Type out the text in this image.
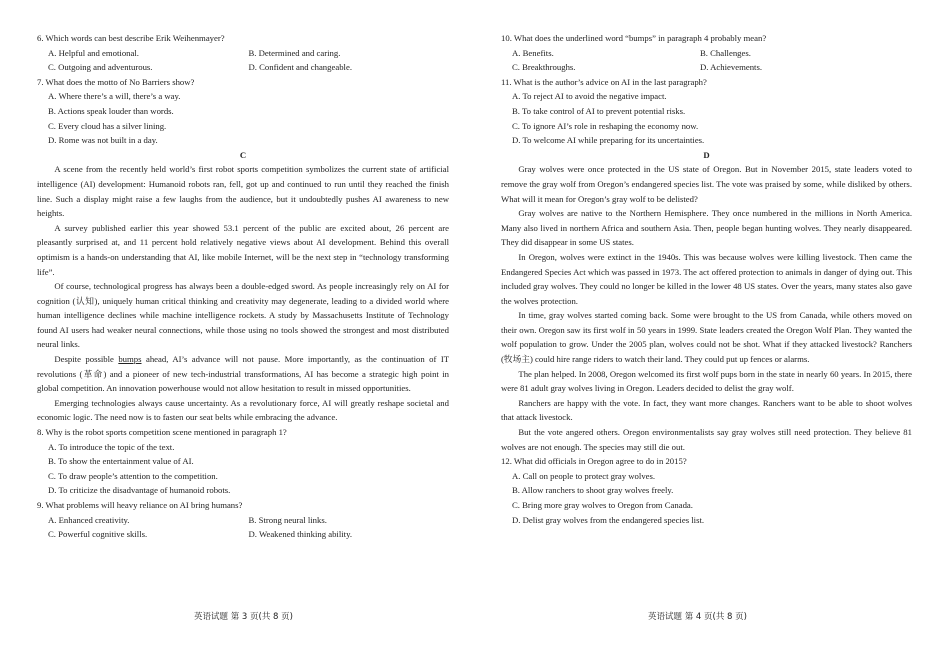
6. Which words can best describe Erik Weihenmayer?

A. Helpful and emotional.	B. Determined and caring.
C. Outgoing and adventurous.	D. Confident and changeable.

7. What does the motto of No Barriers show?

A. Where there’s a will, there’s a way.

B. Actions speak louder than words.

C. Every cloud has a silver lining.

D. Rome was not built in a day.

C

A scene from the recently held world’s first robot sports competition symbolizes the current state of artificial intelligence (AI) development: Humanoid robots ran, fell, got up and continued to run until they reached the finish line. Such a display might raise a few laughs from the audience, but it undoubtedly pushes AI awareness to new heights.

A survey published earlier this year showed 53.1 percent of the public are excited about, 26 percent are pleasantly surprised at, and 11 percent hold relatively negative views about AI development. Behind this overall optimism is a hands-on understanding that AI, like mobile Internet, will be the next step in “technology transforming life”.

Of course, technological progress has always been a double-edged sword. As people increasingly rely on AI for cognition (认知), uniquely human critical thinking and creativity may degenerate, leading to a divided world where human intelligence declines while machine intelligence rockets. A study by Massachusetts Institute of Technology found AI users had weaker neural connections, while those using no tools showed the strongest and most distributed neural links.

Despite possible bumps ahead, AI’s advance will not pause. More importantly, as the continuation of IT revolutions (革命) and a pioneer of new tech-industrial transformations, AI has become a strategic high point in global competition. An innovation powerhouse would not allow hesitation to result in missed opportunities.

Emerging technologies always cause uncertainty. As a revolutionary force, AI will greatly reshape societal and economic logic. The need now is to fasten our seat belts while embracing the advance.

8. Why is the robot sports competition scene mentioned in paragraph 1?

A. To introduce the topic of the text.

B. To show the entertainment value of AI.

C. To draw people’s attention to the competition.

D. To criticize the disadvantage of humanoid robots.

9. What problems will heavy reliance on AI bring humans?

A. Enhanced creativity.	B. Strong neural links.
C. Powerful cognitive skills.	D. Weakened thinking ability.

10. What does the underlined word “bumps” in paragraph 4 probably mean?

A. Benefits.	B. Challenges.
C. Breakthroughs.	D. Achievements.

11. What is the author’s advice on AI in the last paragraph?

A. To reject AI to avoid the negative impact.

B. To take control of AI to prevent potential risks.

C. To ignore AI’s role in reshaping the economy now.

D. To welcome AI while preparing for its uncertainties.

D

Gray wolves were once protected in the US state of Oregon. But in November 2015, state leaders voted to remove the gray wolf from Oregon’s endangered species list. The vote was praised by some, while disliked by others. What will it mean for Oregon’s gray wolf to be delisted?

Gray wolves are native to the Northern Hemisphere. They once numbered in the millions in North America. Many also lived in northern Africa and southern Asia. Then, people began hunting wolves. They nearly disappeared. They did disappear in some US states.

In Oregon, wolves were extinct in the 1940s. This was because wolves were killing livestock. Then came the Endangered Species Act which was passed in 1973. The act offered protection to animals in danger of dying out. This included gray wolves. They could no longer be killed in the lower 48 US states. Over the years, many states also gave the wolves protection.

In time, gray wolves started coming back. Some were brought to the US from Canada, while others moved on their own. Oregon saw its first wolf in 50 years in 1999. State leaders created the Oregon Wolf Plan. They wanted the wolf population to grow. Under the 2005 plan, wolves could not be shot. What if they attacked livestock? Ranchers (牧场主) could hire range riders to watch their land. They could put up fences or alarms.

The plan helped. In 2008, Oregon welcomed its first wolf pups born in the state in nearly 60 years. In 2015, there were 81 adult gray wolves living in Oregon. Leaders decided to delist the gray wolf.

Ranchers are happy with the vote. In fact, they want more changes. Ranchers want to be able to shoot wolves that attack livestock.

But the vote angered others. Oregon environmentalists say gray wolves still need protection. They believe 81 wolves are not enough. The species may still die out.

12. What did officials in Oregon agree to do in 2015?

A. Call on people to protect gray wolves.

B. Allow ranchers to shoot gray wolves freely.

C. Bring more gray wolves to Oregon from Canada.

D. Delist gray wolves from the endangered species list.

英语试题 第 3 页(共 8 页)	英语试题 第 4 页(共 8 页)
